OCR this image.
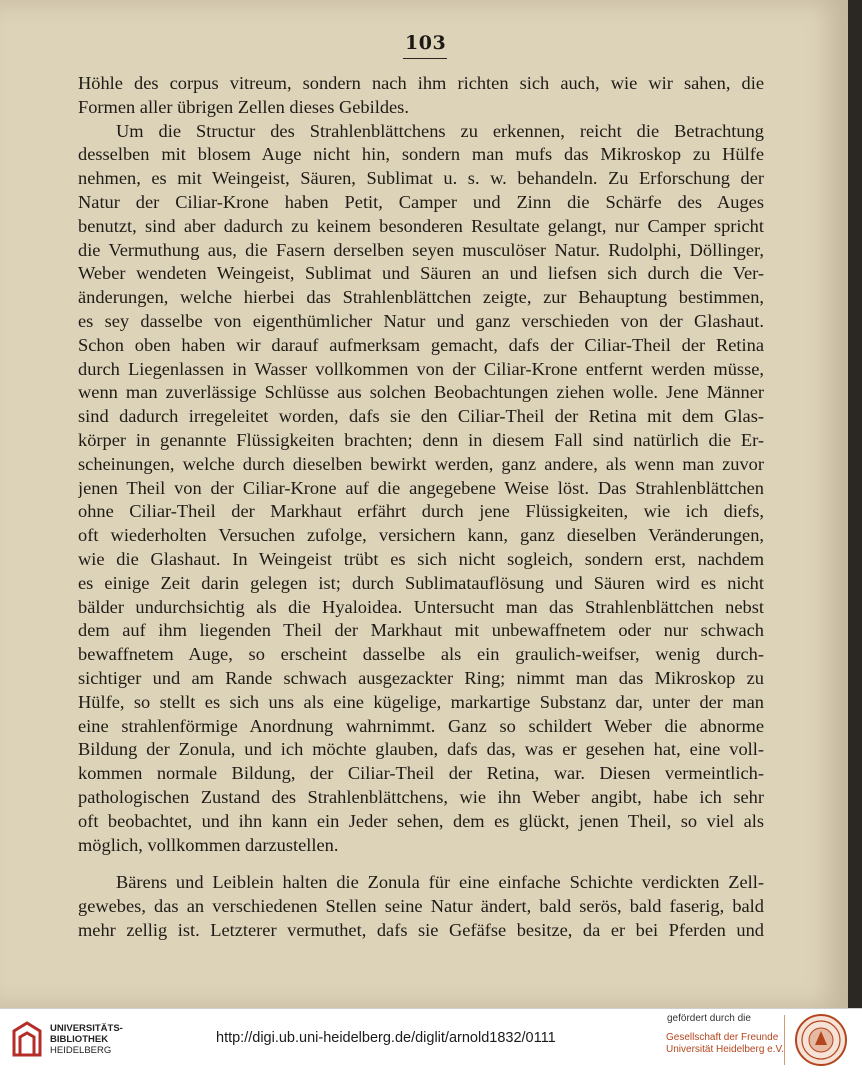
103
Höhle des corpus vitreum, sondern nach ihm richten sich auch, wie wir sahen, die
Formen aller übrigen Zellen dieses Gebildes.
Um die Structur des Strahlenblättchens zu erkennen, reicht die Betrachtung
desselben mit blosem Auge nicht hin, sondern man mufs das Mikroskop zu Hülfe
nehmen, es mit Weingeist, Säuren, Sublimat u. s. w. behandeln. Zu Erforschung der
Natur der Ciliar-Krone haben Petit, Camper und Zinn die Schärfe des Auges
benutzt, sind aber dadurch zu keinem besonderen Resultate gelangt, nur Camper spricht
die Vermuthung aus, die Fasern derselben seyen musculöser Natur. Rudolphi, Döllinger,
Weber wendeten Weingeist, Sublimat und Säuren an und liefsen sich durch die Ver-
änderungen, welche hierbei das Strahlenblättchen zeigte, zur Behauptung bestimmen,
es sey dasselbe von eigenthümlicher Natur und ganz verschieden von der Glashaut.
Schon oben haben wir darauf aufmerksam gemacht, dafs der Ciliar-Theil der Retina
durch Liegenlassen in Wasser vollkommen von der Ciliar-Krone entfernt werden müsse,
wenn man zuverlässige Schlüsse aus solchen Beobachtungen ziehen wolle. Jene Männer
sind dadurch irregeleitet worden, dafs sie den Ciliar-Theil der Retina mit dem Glas-
körper in genannte Flüssigkeiten brachten; denn in diesem Fall sind natürlich die Er-
scheinungen, welche durch dieselben bewirkt werden, ganz andere, als wenn man zuvor
jenen Theil von der Ciliar-Krone auf die angegebene Weise löst. Das Strahlenblättchen
ohne Ciliar-Theil der Markhaut erfährt durch jene Flüssigkeiten, wie ich diefs,
oft wiederholten Versuchen zufolge, versichern kann, ganz dieselben Veränderungen,
wie die Glashaut. In Weingeist trübt es sich nicht sogleich, sondern erst, nachdem
es einige Zeit darin gelegen ist; durch Sublimatauflösung und Säuren wird es nicht
bälder undurchsichtig als die Hyaloidea. Untersucht man das Strahlenblättchen nebst
dem auf ihm liegenden Theil der Markhaut mit unbewaffnetem oder nur schwach
bewaffnetem Auge, so erscheint dasselbe als ein graulich-weifser, wenig durch-
sichtiger und am Rande schwach ausgezackter Ring; nimmt man das Mikroskop zu
Hülfe, so stellt es sich uns als eine kügelige, markartige Substanz dar, unter der man
eine strahlenförmige Anordnung wahrnimmt. Ganz so schildert Weber die abnorme
Bildung der Zonula, und ich möchte glauben, dafs das, was er gesehen hat, eine voll-
kommen normale Bildung, der Ciliar-Theil der Retina, war. Diesen vermeintlich-
pathologischen Zustand des Strahlenblättchens, wie ihn Weber angibt, habe ich sehr
oft beobachtet, und ihn kann ein Jeder sehen, dem es glückt, jenen Theil, so viel als
möglich, vollkommen darzustellen.
Bärens und Leiblein halten die Zonula für eine einfache Schichte verdickten Zell-
gewebes, das an verschiedenen Stellen seine Natur ändert, bald serös, bald faserig, bald
mehr zellig ist. Letzterer vermuthet, dafs sie Gefäfse besitze, da er bei Pferden und
UNIVERSITÄTS-
BIBLIOTHEK
HEIDELBERG
http://digi.ub.uni-heidelberg.de/diglit/arnold1832/0111
gefördert durch die
Gesellschaft der Freunde
Universität Heidelberg e.V.
